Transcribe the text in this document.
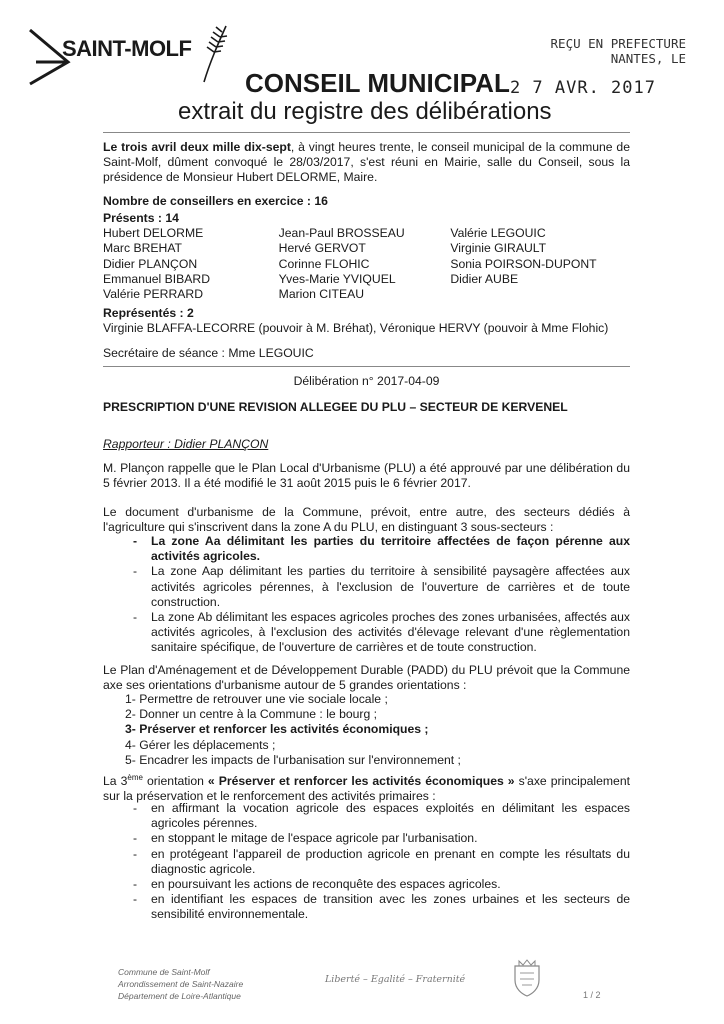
SAINT-MOLF	REÇU EN PREFECTURE
NANTES, LE
2 7 AVR. 2017
CONSEIL MUNICIPAL
extrait du registre des délibérations
Le trois avril deux mille dix-sept, à vingt heures trente, le conseil municipal de la commune de Saint-Molf, dûment convoqué le 28/03/2017, s'est réuni en Mairie, salle du Conseil, sous la présidence de Monsieur Hubert DELORME, Maire.
Nombre de conseillers en exercice : 16
Présents : 14
Hubert DELORME
Marc BREHAT
Didier PLANÇON
Emmanuel BIBARD
Valérie PERRARD
Jean-Paul BROSSEAU
Hervé GERVOT
Corinne FLOHIC
Yves-Marie YVIQUEL
Marion CITEAU
Valérie LEGOUIC
Virginie GIRAULT
Sonia POIRSON-DUPONT
Didier AUBE
Représentés : 2
Virginie BLAFFA-LECORRE (pouvoir à M. Bréhat), Véronique HERVY (pouvoir à Mme Flohic)
Secrétaire de séance : Mme LEGOUIC
Délibération n° 2017-04-09
PRESCRIPTION D'UNE REVISION ALLEGEE DU PLU – SECTEUR DE KERVENEL
Rapporteur : Didier PLANÇON
M. Plançon rappelle que le Plan Local d'Urbanisme (PLU) a été approuvé par une délibération du 5 février 2013. Il a été modifié le 31 août 2015 puis le 6 février 2017.
Le document d'urbanisme de la Commune, prévoit, entre autre, des secteurs dédiés à l'agriculture qui s'inscrivent dans la zone A du PLU, en distinguant 3 sous-secteurs :
- La zone Aa délimitant les parties du territoire affectées de façon pérenne aux activités agricoles.
- La zone Aap délimitant les parties du territoire à sensibilité paysagère affectées aux activités agricoles pérennes, à l'exclusion de l'ouverture de carrières et de toute construction.
- La zone Ab délimitant les espaces agricoles proches des zones urbanisées, affectés aux activités agricoles, à l'exclusion des activités d'élevage relevant d'une règlementation sanitaire spécifique, de l'ouverture de carrières et de toute construction.
Le Plan d'Aménagement et de Développement Durable (PADD) du PLU prévoit que la Commune axe ses orientations d'urbanisme autour de 5 grandes orientations :
1- Permettre de retrouver une vie sociale locale ;
2- Donner un centre à la Commune : le bourg ;
3- Préserver et renforcer les activités économiques ;
4- Gérer les déplacements ;
5- Encadrer les impacts de l'urbanisation sur l'environnement ;
La 3ème orientation « Préserver et renforcer les activités économiques » s'axe principalement sur la préservation et le renforcement des activités primaires :
- en affirmant la vocation agricole des espaces exploités en délimitant les espaces agricoles pérennes.
- en stoppant le mitage de l'espace agricole par l'urbanisation.
- en protégeant l'appareil de production agricole en prenant en compte les résultats du diagnostic agricole.
- en poursuivant les actions de reconquête des espaces agricoles.
- en identifiant les espaces de transition avec les zones urbaines et les secteurs de sensibilité environnementale.
Commune de Saint-Molf
Arrondissement de Saint-Nazaire
Département de Loire-Atlantique
Liberté – Egalité – Fraternité
1 / 2
